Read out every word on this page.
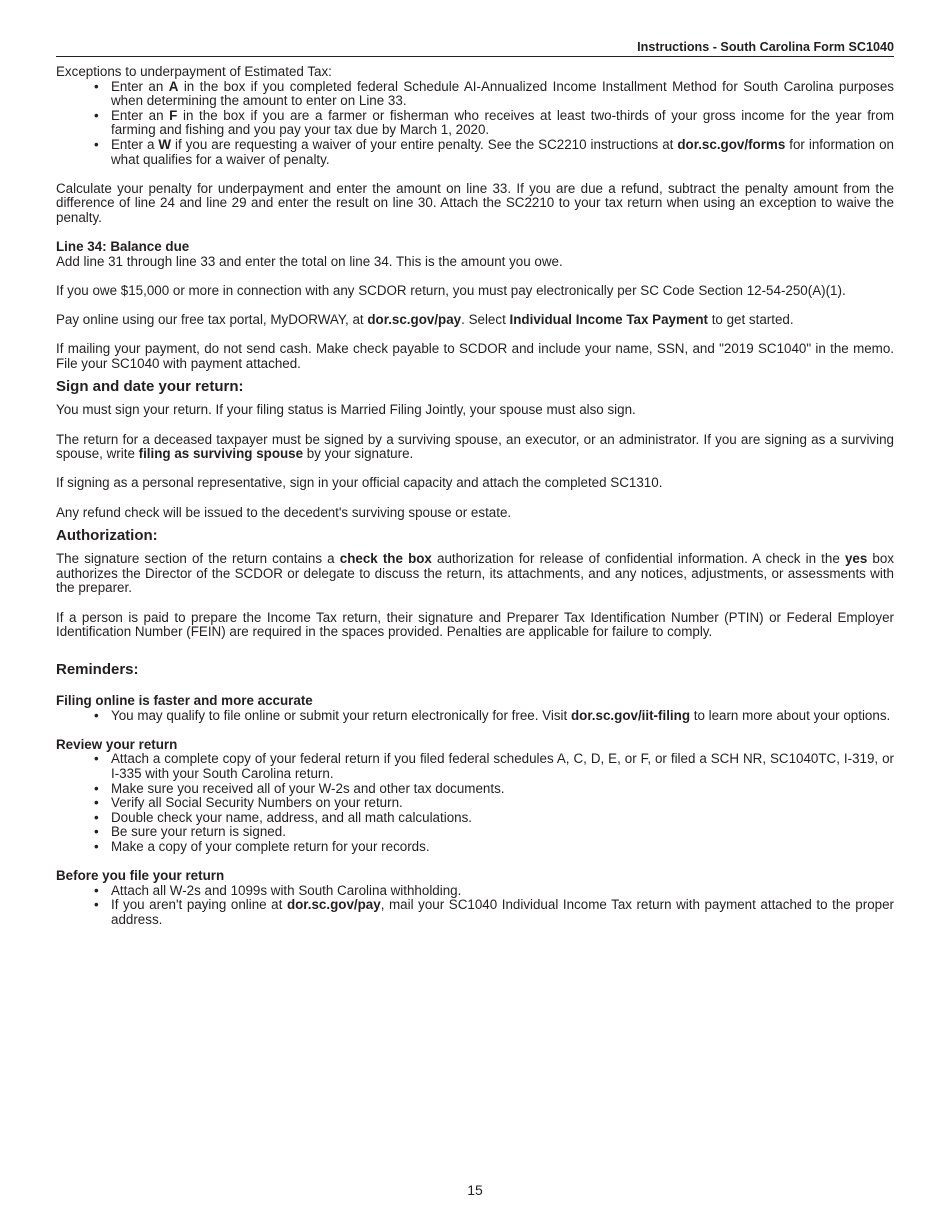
Instructions - South Carolina Form SC1040

Exceptions to underpayment of Estimated Tax:

• Enter an A in the box if you completed federal Schedule AI-Annualized Income Installment Method for South Carolina purposes when determining the amount to enter on Line 33.
• Enter an F in the box if you are a farmer or fisherman who receives at least two-thirds of your gross income for the year from farming and fishing and you pay your tax due by March 1, 2020.
• Enter a W if you are requesting a waiver of your entire penalty. See the SC2210 instructions at dor.sc.gov/forms for information on what qualifies for a waiver of penalty.

Calculate your penalty for underpayment and enter the amount on line 33. If you are due a refund, subtract the penalty amount from the difference of line 24 and line 29 and enter the result on line 30. Attach the SC2210 to your tax return when using an exception to waive the penalty.

Line 34: Balance due

Add line 31 through line 33 and enter the total on line 34. This is the amount you owe.

If you owe $15,000 or more in connection with any SCDOR return, you must pay electronically per SC Code Section 12-54-250(A)(1).

Pay online using our free tax portal, MyDORWAY, at dor.sc.gov/pay. Select Individual Income Tax Payment to get started.

If mailing your payment, do not send cash. Make check payable to SCDOR and include your name, SSN, and "2019 SC1040" in the memo. File your SC1040 with payment attached.

Sign and date your return:

You must sign your return. If your filing status is Married Filing Jointly, your spouse must also sign.

The return for a deceased taxpayer must be signed by a surviving spouse, an executor, or an administrator. If you are signing as a surviving spouse, write filing as surviving spouse by your signature.

If signing as a personal representative, sign in your official capacity and attach the completed SC1310.

Any refund check will be issued to the decedent's surviving spouse or estate.

Authorization:

The signature section of the return contains a check the box authorization for release of confidential information. A check in the yes box authorizes the Director of the SCDOR or delegate to discuss the return, its attachments, and any notices, adjustments, or assessments with the preparer.

If a person is paid to prepare the Income Tax return, their signature and Preparer Tax Identification Number (PTIN) or Federal Employer Identification Number (FEIN) are required in the spaces provided. Penalties are applicable for failure to comply.

Reminders:

Filing online is faster and more accurate

• You may qualify to file online or submit your return electronically for free. Visit dor.sc.gov/iit-filing to learn more about your options.

Review your return

• Attach a complete copy of your federal return if you filed federal schedules A, C, D, E, or F, or filed a SCH NR, SC1040TC, I-319, or I-335 with your South Carolina return.
• Make sure you received all of your W-2s and other tax documents.
• Verify all Social Security Numbers on your return.
• Double check your name, address, and all math calculations.
• Be sure your return is signed.
• Make a copy of your complete return for your records.

Before you file your return

• Attach all W-2s and 1099s with South Carolina withholding.
• If you aren't paying online at dor.sc.gov/pay, mail your SC1040 Individual Income Tax return with payment attached to the proper address.
15
